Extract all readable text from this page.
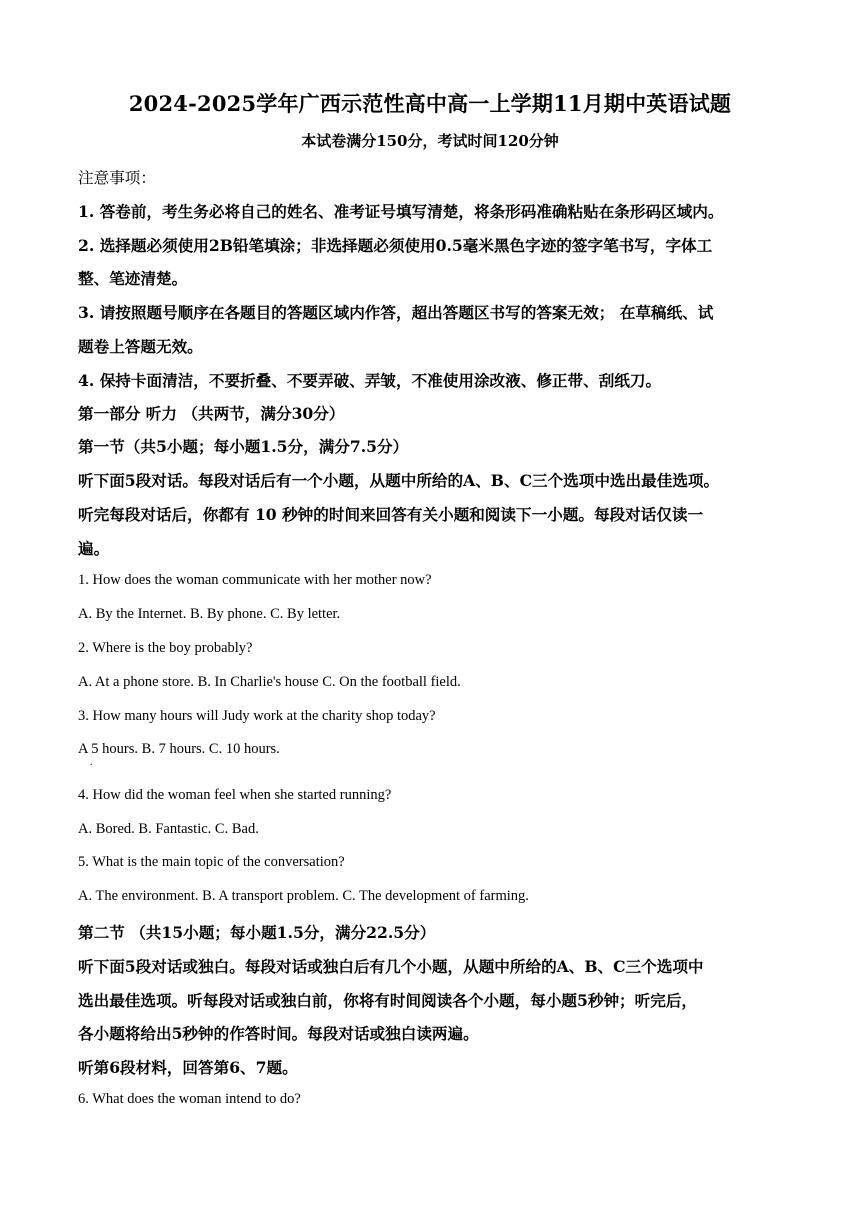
2024-2025学年广西示范性高中高一上学期11月期中英语试题
本试卷满分150分，考试时间120分钟
注意事项：
1. 答卷前，考生务必将自己的姓名、准考证号填写清楚，将条形码准确粘贴在条形码区域内。
2. 选择题必须使用2B铅笔填涂；非选择题必须使用0.5毫米黑色字迹的签字笔书写，字体工
整、笔迹清楚。
3. 请按照题号顺序在各题目的答题区域内作答，超出答题区书写的答案无效； 在草稿纸、试
题卷上答题无效。
4. 保持卡面清洁，不要折叠、不要弄破、弄皱，不准使用涂改液、修正带、刮纸刀。
第一部分 听力 （共两节，满分30分）
第一节（共5小题；每小题1.5分，满分7.5分）
听下面5段对话。每段对话后有一个小题，从题中所给的A、B、C三个选项中选出最佳选项。
听完每段对话后，你都有 10 秒钟的时间来回答有关小题和阅读下一小题。每段对话仅读一
遍。
1. How does the woman communicate with her mother now?
A. By the Internet. B. By phone. C. By letter.
2. Where is the boy probably?
A. At a phone store. B. In Charlie's house C. On the football field.
3. How many hours will Judy work at the charity shop today?
A 5 hours. B. 7 hours. C. 10 hours.
.
4. How did the woman feel when she started running?
A. Bored. B. Fantastic. C. Bad.
5. What is the main topic of the conversation?
A. The environment. B. A transport problem. C. The development of farming.
第二节 （共15小题；每小题1.5分，满分22.5分）
听下面5段对话或独白。每段对话或独白后有几个小题，从题中所给的A、B、C三个选项中
选出最佳选项。听每段对话或独白前，你将有时间阅读各个小题，每小题5秒钟；听完后，
各小题将给出5秒钟的作答时间。每段对话或独白读两遍。
听第6段材料，回答第6、7题。
6. What does the woman intend to do?
